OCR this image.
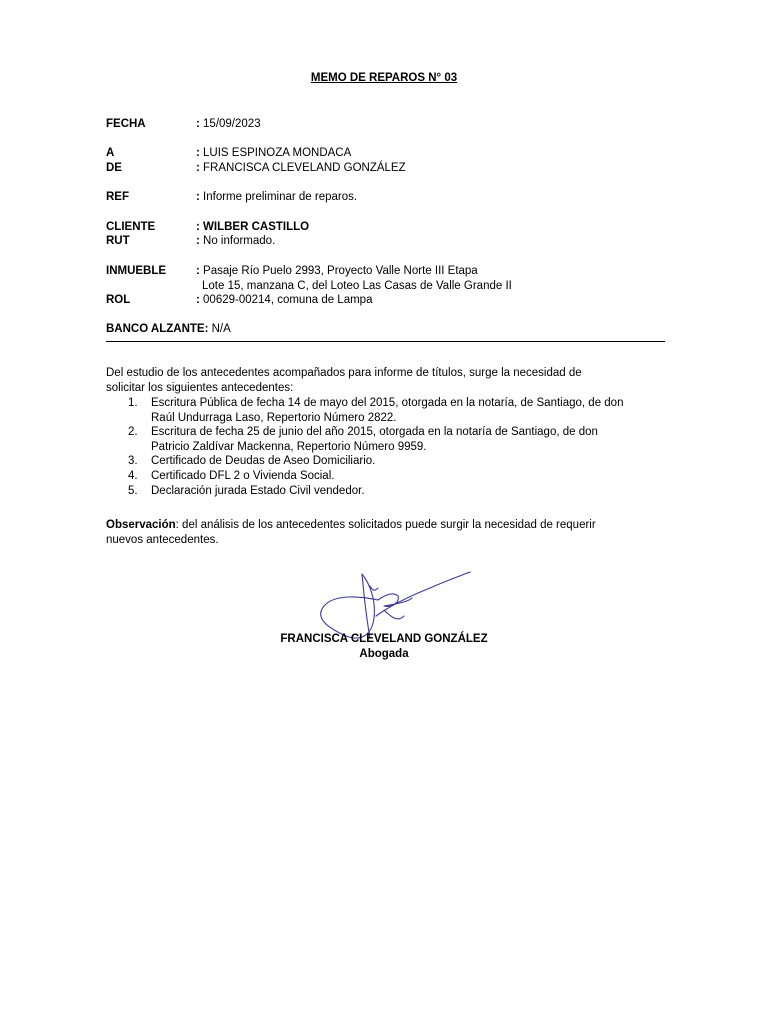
MEMO DE REPAROS N° 03
FECHA	: 15/09/2023
A	: LUIS ESPINOZA MONDACA
DE	: FRANCISCA CLEVELAND GONZÁLEZ
REF	: Informe preliminar de reparos.
CLIENTE	: WILBER CASTILLO
RUT	: No informado.
INMUEBLE	: Pasaje Río Puelo 2993, Proyecto Valle Norte III Etapa
Lote 15, manzana C, del Loteo Las Casas de Valle Grande II
ROL	: 00629-00214, comuna de Lampa
BANCO ALZANTE: N/A
Del estudio de los antecedentes acompañados para informe de títulos, surge la necesidad de
solicitar los siguientes antecedentes:
1. Escritura Pública de fecha 14 de mayo del 2015, otorgada en la notaría, de Santiago, de don
Raúl Undurraga Laso, Repertorio Número 2822.
2. Escritura de fecha 25 de junio del año 2015, otorgada en la notaría de Santiago, de don
Patricio Zaldívar Mackenna, Repertorio Número 9959.
3. Certificado de Deudas de Aseo Domiciliario.
4. Certificado DFL 2 o Vivienda Social.
5. Declaración jurada Estado Civil vendedor.
Observación: del análisis de los antecedentes solicitados puede surgir la necesidad de requerir
nuevos antecedentes.
FRANCISCA CLEVELAND GONZÁLEZ
Abogada
